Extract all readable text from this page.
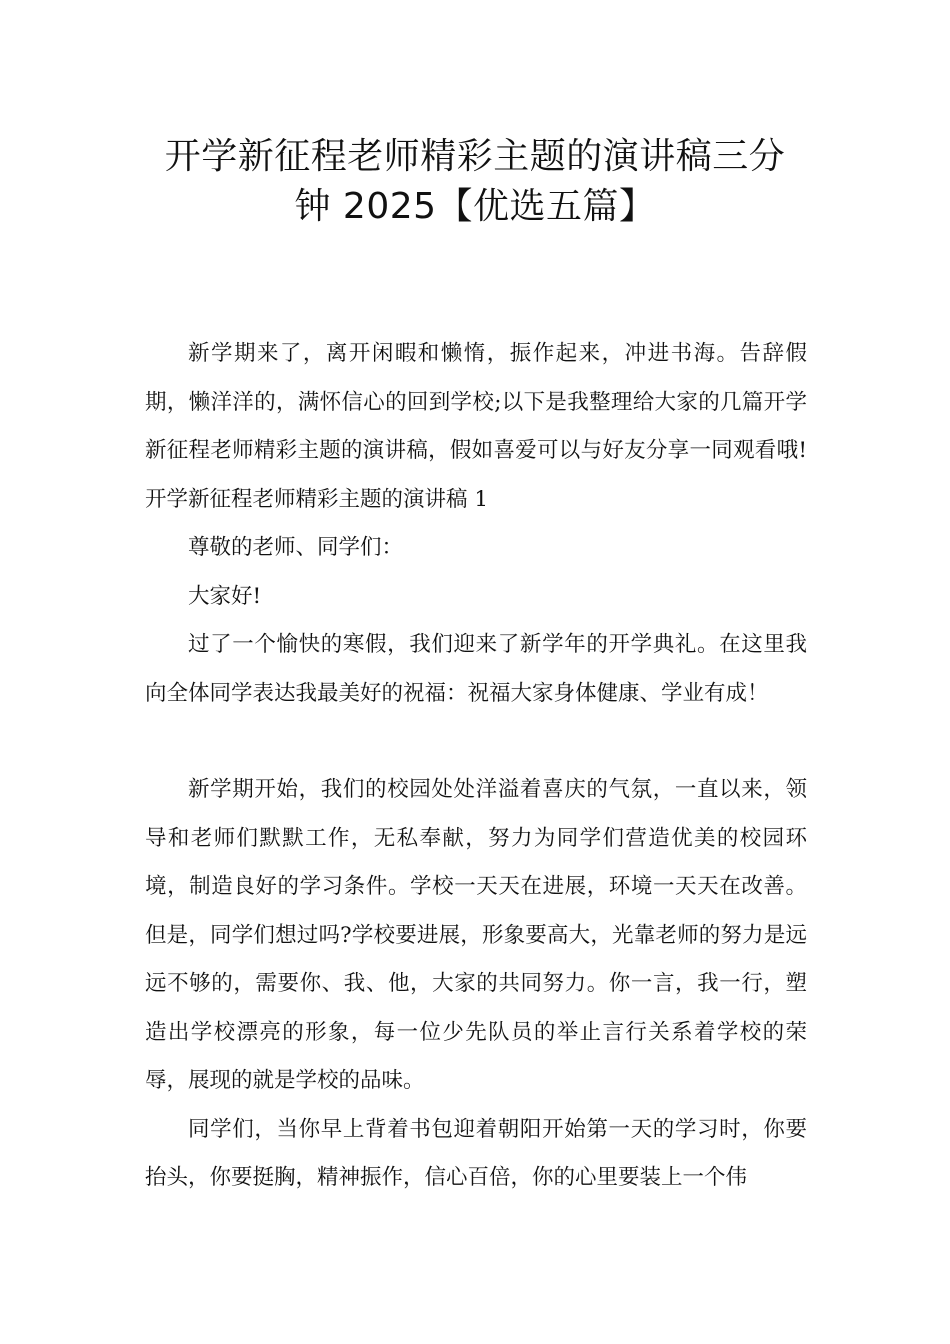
开学新征程老师精彩主题的演讲稿三分
钟 2025【优选五篇】

新学期来了，离开闲暇和懒惰，振作起来，冲进书海。告辞假期，懒洋洋的，满怀信心的回到学校;以下是我整理给大家的几篇开学新征程老师精彩主题的演讲稿，假如喜爱可以与好友分享一同观看哦!开学新征程老师精彩主题的演讲稿 1

尊敬的老师、同学们：

大家好!

过了一个愉快的寒假，我们迎来了新学年的开学典礼。在这里我向全体同学表达我最美好的祝福：祝福大家身体健康、学业有成！

新学期开始，我们的校园处处洋溢着喜庆的气氛，一直以来，领导和老师们默默工作，无私奉献，努力为同学们营造优美的校园环境，制造良好的学习条件。学校一天天在进展，环境一天天在改善。但是，同学们想过吗?学校要进展，形象要高大，光靠老师的努力是远远不够的，需要你、我、他，大家的共同努力。你一言，我一行，塑造出学校漂亮的形象，每一位少先队员的举止言行关系着学校的荣辱，展现的就是学校的品味。

同学们，当你早上背着书包迎着朝阳开始第一天的学习时，你要抬头，你要挺胸，精神振作，信心百倍，你的心里要装上一个伟
